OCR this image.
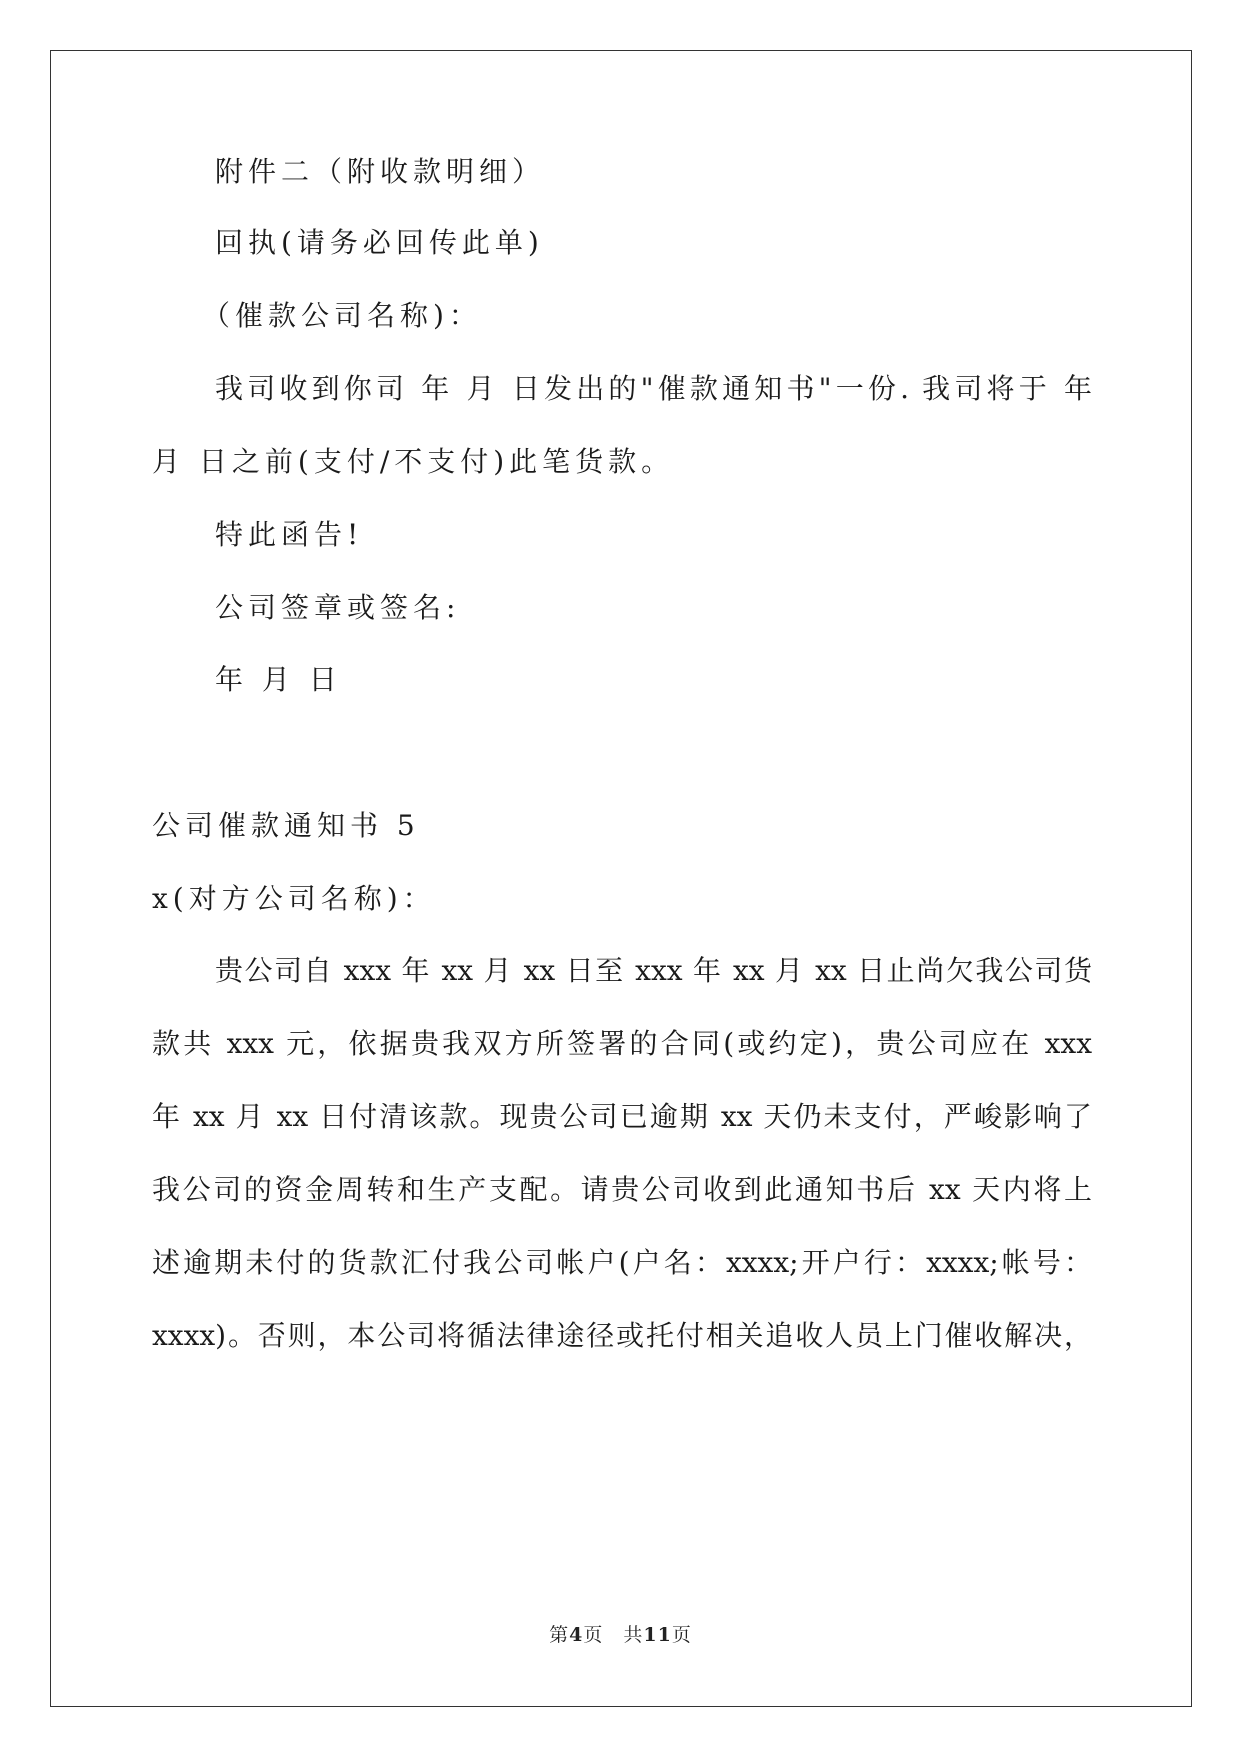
附件二（附收款明细）
回执(请务必回传此单)
（催款公司名称)：
我司收到你司 年 月 日发出的"催款通知书"一份. 我司将于 年
月 日之前(支付/不支付)此笔货款。
特此函告!
公司签章或签名:
年 月 日
公司催款通知书 5
x(对方公司名称)：
贵公司自 xxx 年 xx 月 xx 日至 xxx 年 xx 月 xx 日止尚欠我公司货
款共 xxx 元，依据贵我双方所签署的合同(或约定)，贵公司应在 xxx
年 xx 月 xx 日付清该款。现贵公司已逾期 xx 天仍未支付，严峻影响了
我公司的资金周转和生产支配。请贵公司收到此通知书后 xx 天内将上
述逾期未付的货款汇付我公司帐户(户名：xxxx;开户行：xxxx;帐号：
xxxx)。否则，本公司将循法律途径或托付相关追收人员上门催收解决，
第4页　共11页
